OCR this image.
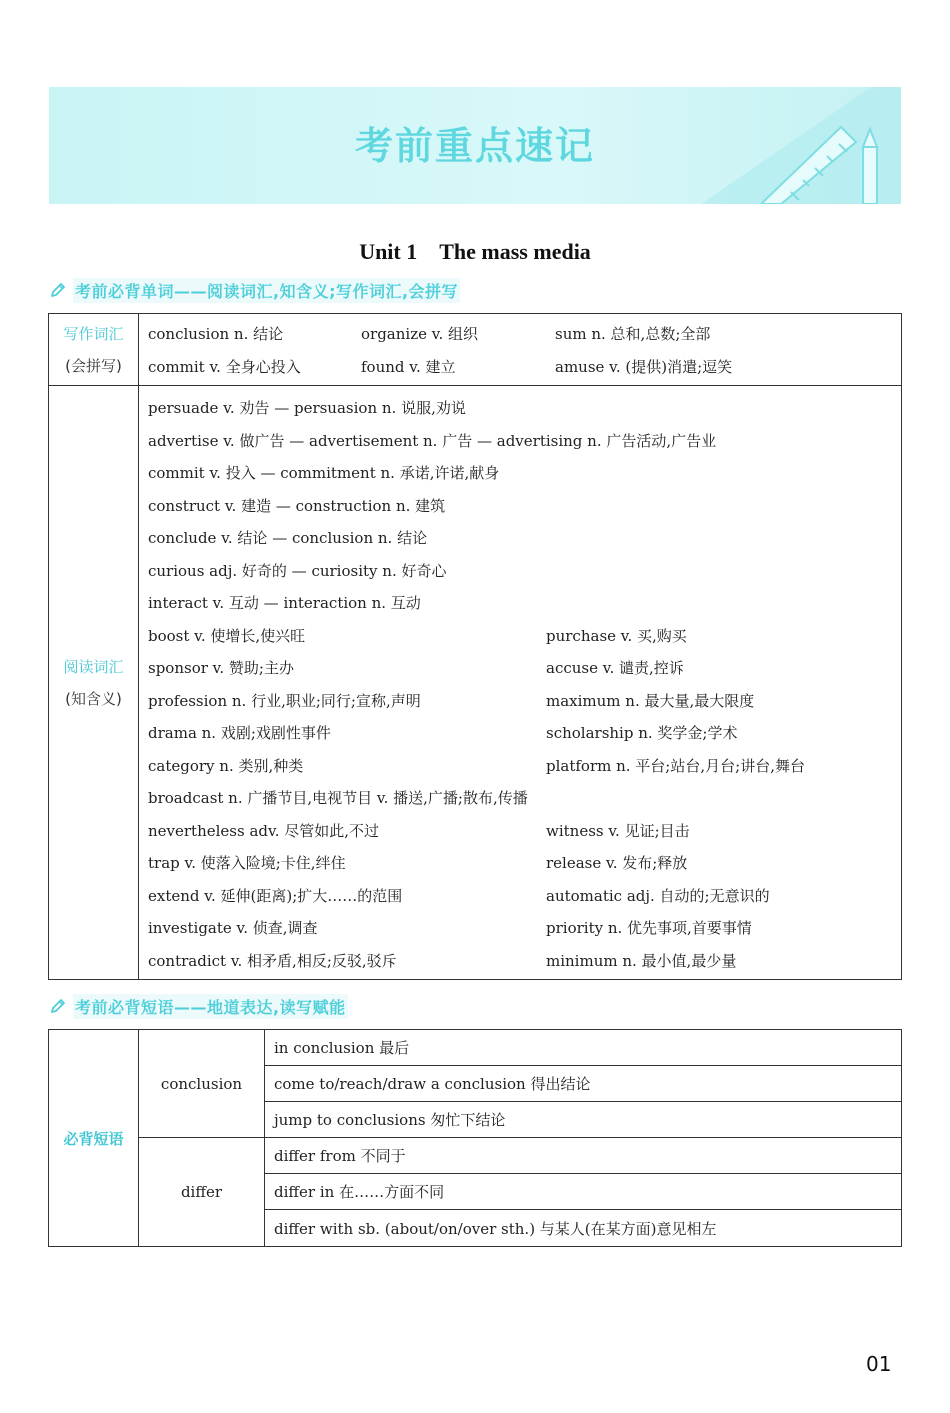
考前重点速记
Unit 1　The mass media
考前必背单词——阅读词汇,知含义;写作词汇,会拼写
写作词汇
(会拼写)
conclusion n. 结论	organize v. 组织	sum n. 总和,总数;全部
commit v. 全身心投入	found v. 建立	amuse v. (提供)消遣;逗笑
阅读词汇
(知含义)
persuade v. 劝告 — persuasion n. 说服,劝说
advertise v. 做广告 — advertisement n. 广告 — advertising n. 广告活动,广告业
commit v. 投入 — commitment n. 承诺,许诺,献身
construct v. 建造 — construction n. 建筑
conclude v. 结论 — conclusion n. 结论
curious adj. 好奇的 — curiosity n. 好奇心
interact v. 互动 — interaction n. 互动
boost v. 使增长,使兴旺	purchase v. 买,购买
sponsor v. 赞助;主办	accuse v. 谴责,控诉
profession n. 行业,职业;同行;宣称,声明	maximum n. 最大量,最大限度
drama n. 戏剧;戏剧性事件	scholarship n. 奖学金;学术
category n. 类别,种类	platform n. 平台;站台,月台;讲台,舞台
broadcast n. 广播节目,电视节目 v. 播送,广播;散布,传播
nevertheless adv. 尽管如此,不过	witness v. 见证;目击
trap v. 使落入险境;卡住,绊住	release v. 发布;释放
extend v. 延伸(距离);扩大……的范围	automatic adj. 自动的;无意识的
investigate v. 侦查,调查	priority n. 优先事项,首要事情
contradict v. 相矛盾,相反;反驳,驳斥	minimum n. 最小值,最少量
考前必背短语——地道表达,读写赋能
必背短语
conclusion
in conclusion 最后
come to/reach/draw a conclusion 得出结论
jump to conclusions 匆忙下结论
differ
differ from 不同于
differ in 在……方面不同
differ with sb. (about/on/over sth.) 与某人(在某方面)意见相左
01
